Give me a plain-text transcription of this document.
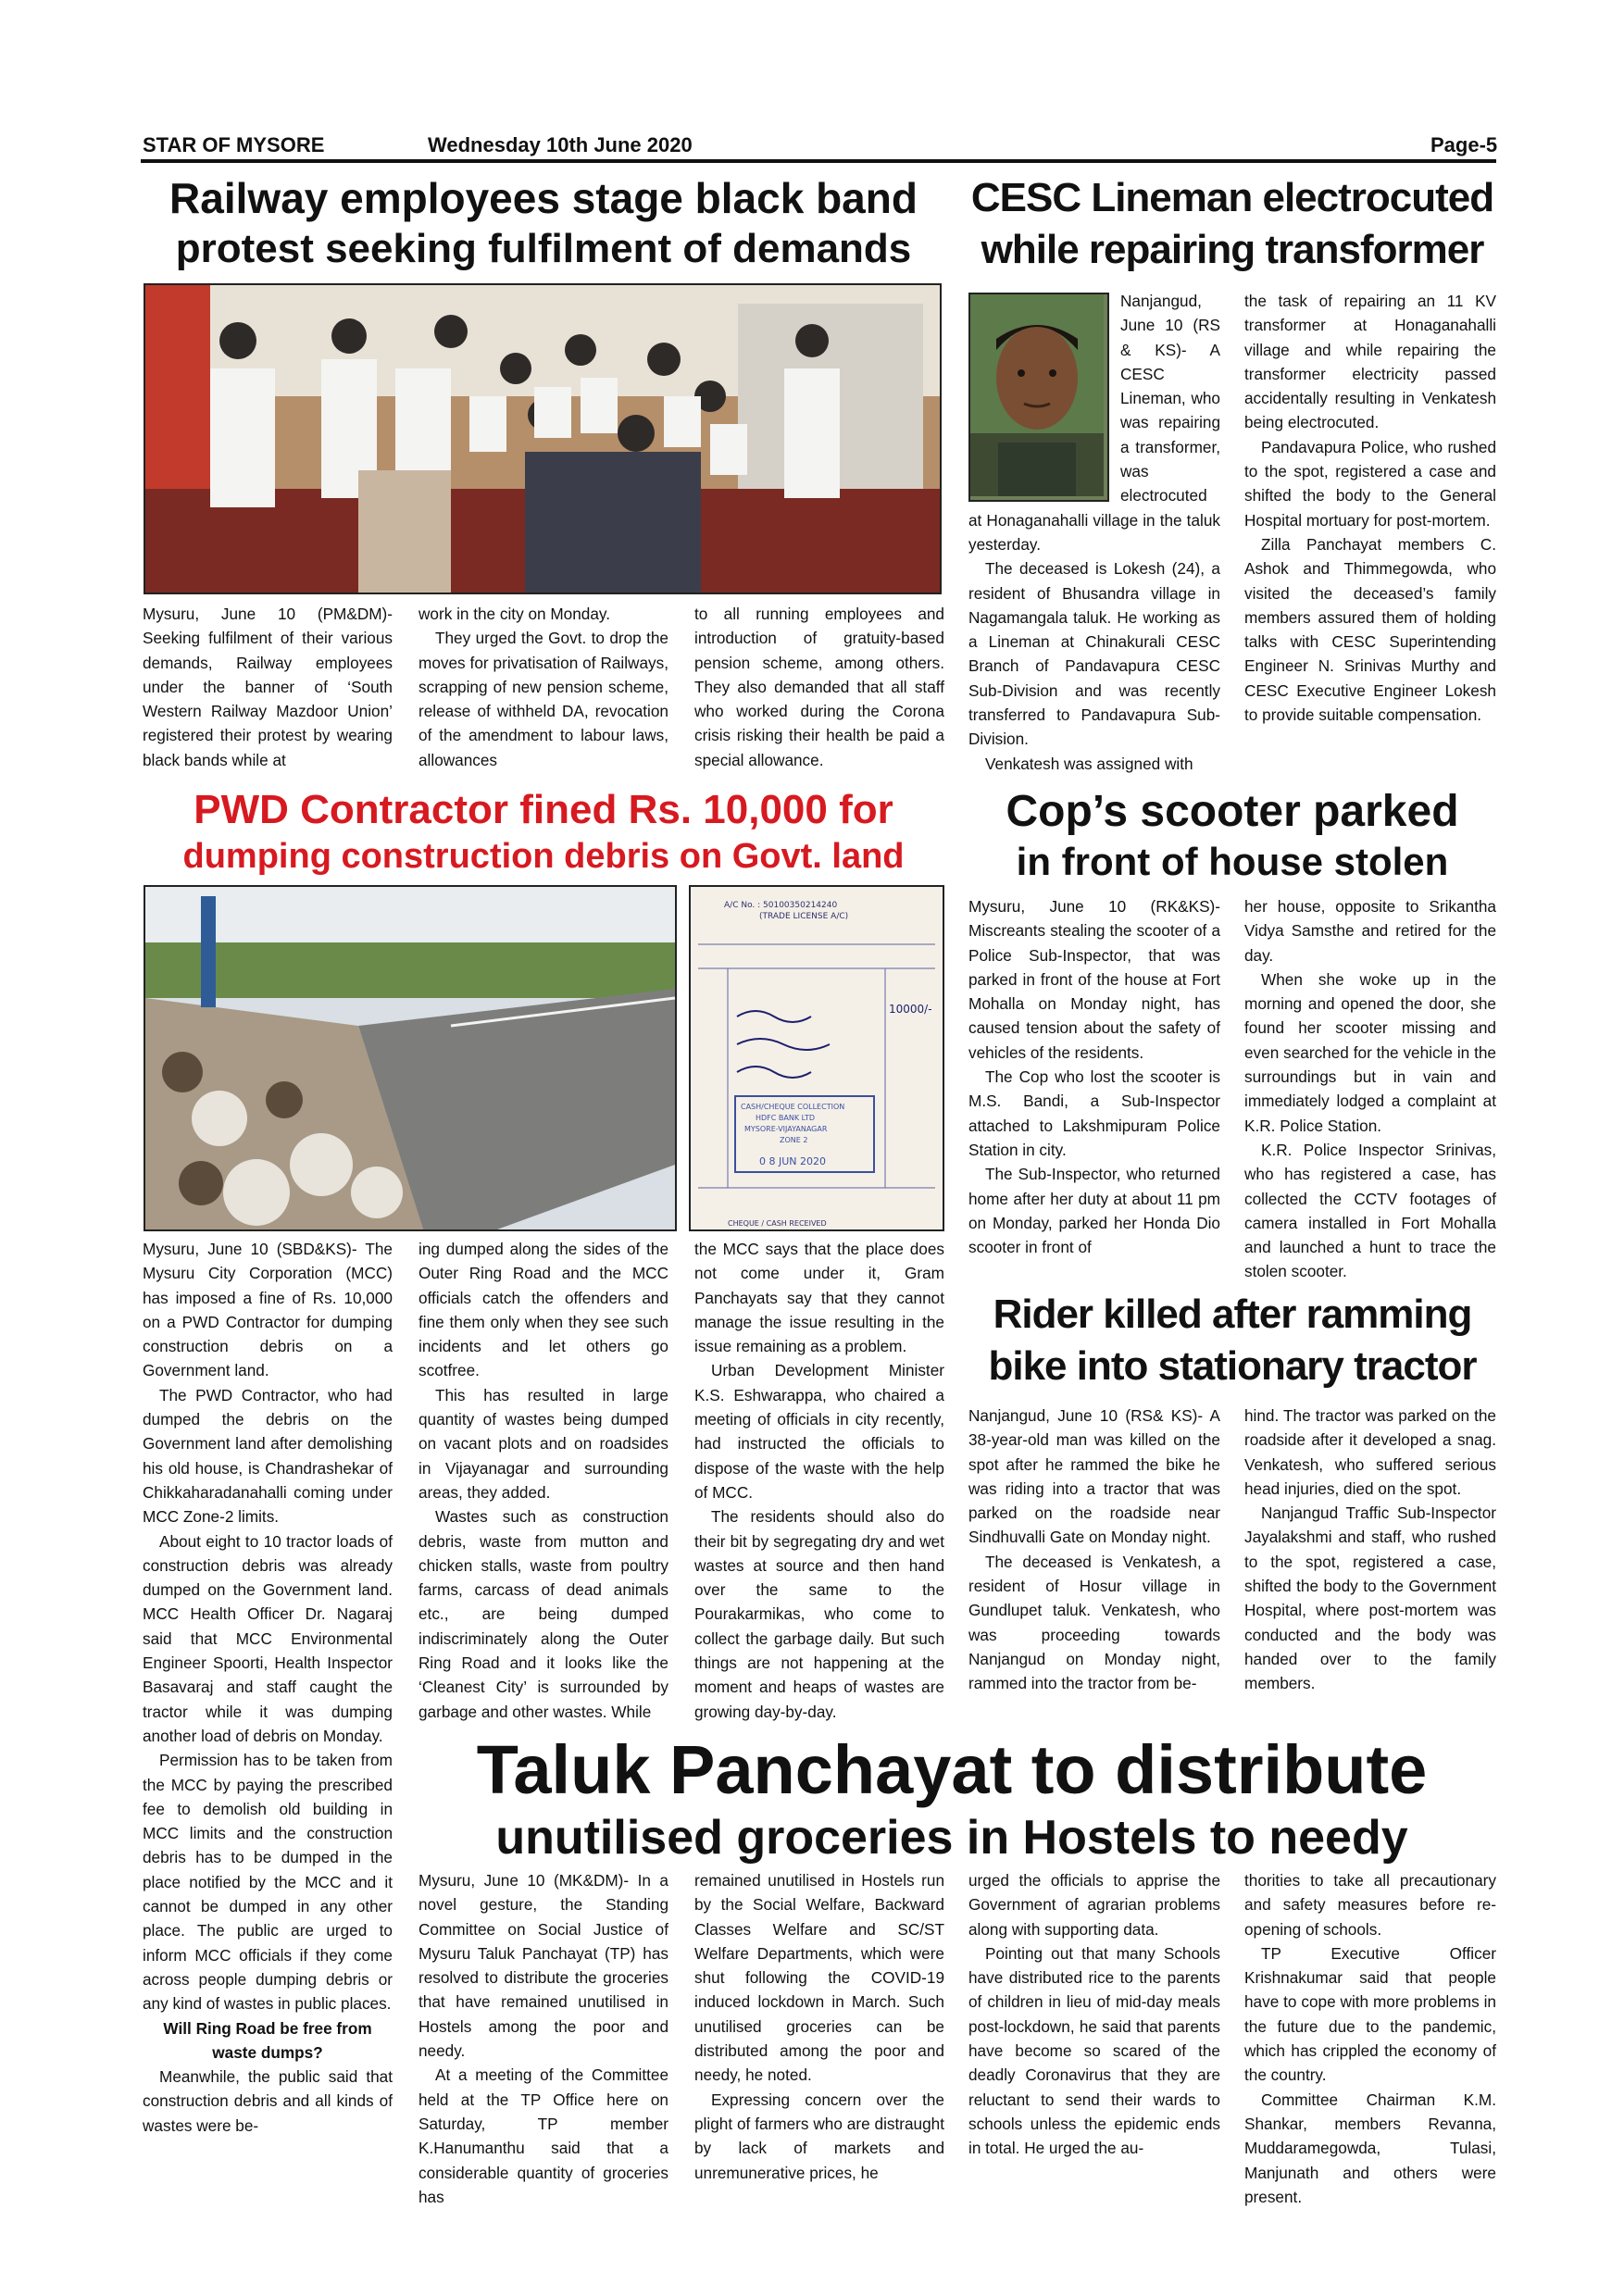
STAR OF MYSORE	Wednesday 10th June 2020	Page-5
Railway employees stage black band
protest seeking fulfilment of demands

Mysuru, June 10 (PM&DM)- Seeking fulfilment of their various demands, Railway employees under the banner of ‘South Western Railway Mazdoor Union’ registered their protest by wearing black bands while at

work in the city on Monday.

They urged the Govt. to drop the moves for privatisation of Railways, scrapping of new pension scheme, release of withheld DA, revocation of the amendment to labour laws, allowances

to all running employees and introduction of gratuity-based pension scheme, among others. They also demanded that all staff who worked during the Corona crisis risking their health be paid a special allowance.

CESC Lineman electrocuted
while repairing transformer

Nanjangud, June 10 (RS & KS)- A CESC Lineman, who was repairing a transformer, was electrocuted at Honaganahalli village in the taluk yesterday.

The deceased is Lokesh (24), a resident of Bhusandra village in Nagamangala taluk. He working as a Lineman at Chinakurali CESC Branch of Pandavapura CESC Sub-Division and was recently transferred to Pandavapura Sub-Division.

Venkatesh was assigned with

the task of repairing an 11 KV transformer at Honaganahalli village and while repairing the transformer electricity passed accidentally resulting in Venkatesh being electrocuted.

Pandavapura Police, who rushed to the spot, registered a case and shifted the body to the General Hospital mortuary for post-mortem.

Zilla Panchayat members C. Ashok and Thimmegowda, who visited the deceased’s family members assured them of holding talks with CESC Superintending Engineer N. Srinivas Murthy and CESC Executive Engineer Lokesh to provide suitable compensation.

PWD Contractor fined Rs. 10,000 for
dumping construction debris on Govt. land
A/C No. : 50100350214240
(TRADE LICENSE A/C)
CHEQUE / CASH RECEIVED
10000/-
CASH/CHEQUE COLLECTION
HDFC BANK LTD
MYSORE-VIJAYANAGAR
ZONE 2
0 8 JUN 2020

Mysuru, June 10 (SBD&KS)- The Mysuru City Corporation (MCC) has imposed a fine of Rs. 10,000 on a PWD Contractor for dumping construction debris on a Government land.

The PWD Contractor, who had dumped the debris on the Government land after demolishing his old house, is Chandrashekar of Chikkaharadanahalli coming under MCC Zone-2 limits.

About eight to 10 tractor loads of construction debris was already dumped on the Government land. MCC Health Officer Dr. Nagaraj said that MCC Environmental Engineer Spoorti, Health Inspector Basavaraj and staff caught the tractor while it was dumping another load of debris on Monday.

Permission has to be taken from the MCC by paying the prescribed fee to demolish old building in MCC limits and the construction debris has to be dumped in the place notified by the MCC and it cannot be dumped in any other place. The public are urged to inform MCC officials if they come across people dumping debris or any kind of wastes in public places.

Will Ring Road be free from waste dumps?

Meanwhile, the public said that construction debris and all kinds of wastes were be-

ing dumped along the sides of the Outer Ring Road and the MCC officials catch the offenders and fine them only when they see such incidents and let others go scotfree.

This has resulted in large quantity of wastes being dumped on vacant plots and on roadsides in Vijayanagar and surrounding areas, they added.

Wastes such as construction debris, waste from mutton and chicken stalls, waste from poultry farms, carcass of dead animals etc., are being dumped indiscriminately along the Outer Ring Road and it looks like the ‘Cleanest City’ is surrounded by garbage and other wastes. While

the MCC says that the place does not come under it, Gram Panchayats say that they cannot manage the issue resulting in the issue remaining as a problem.

Urban Development Minister K.S. Eshwarappa, who chaired a meeting of officials in city recently, had instructed the officials to dispose of the waste with the help of MCC.

The residents should also do their bit by segregating dry and wet wastes at source and then hand over the same to the Pourakarmikas, who come to collect the garbage daily. But such things are not happening at the moment and heaps of wastes are growing day-by-day.

Cop’s scooter parked
in front of house stolen

Mysuru, June 10 (RK&KS)- Miscreants stealing the scooter of a Police Sub-Inspector, that was parked in front of the house at Fort Mohalla on Monday night, has caused tension about the safety of vehicles of the residents.

The Cop who lost the scooter is M.S. Bandi, a Sub-Inspector attached to Lakshmipuram Police Station in city.

The Sub-Inspector, who returned home after her duty at about 11 pm on Monday, parked her Honda Dio scooter in front of

her house, opposite to Srikantha Vidya Samsthe and retired for the day.

When she woke up in the morning and opened the door, she found her scooter missing and even searched for the vehicle in the surroundings but in vain and immediately lodged a complaint at K.R. Police Station.

K.R. Police Inspector Srinivas, who has registered a case, has collected the CCTV footages of camera installed in Fort Mohalla and launched a hunt to trace the stolen scooter.

Rider killed after ramming
bike into stationary tractor

Nanjangud, June 10 (RS& KS)- A 38-year-old man was killed on the spot after he rammed the bike he was riding into a tractor that was parked on the roadside near Sindhuvalli Gate on Monday night.

The deceased is Venkatesh, a resident of Hosur village in Gundlupet taluk. Venkatesh, who was proceeding towards Nanjangud on Monday night, rammed into the tractor from be-

hind. The tractor was parked on the roadside after it developed a snag. Venkatesh, who suffered serious head injuries, died on the spot.

Nanjangud Traffic Sub-Inspector Jayalakshmi and staff, who rushed to the spot, registered a case, shifted the body to the Government Hospital, where post-mortem was conducted and the body was handed over to the family members.

Taluk Panchayat to distribute
unutilised groceries in Hostels to needy

Mysuru, June 10 (MK&DM)- In a novel gesture, the Standing Committee on Social Justice of Mysuru Taluk Panchayat (TP) has resolved to distribute the groceries that have remained unutilised in Hostels among the poor and needy.

At a meeting of the Committee held at the TP Office here on Saturday, TP member K.Hanumanthu said that a considerable quantity of groceries has

remained unutilised in Hostels run by the Social Welfare, Backward Classes Welfare and SC/ST Welfare Departments, which were shut following the COVID-19 induced lockdown in March. Such unutilised groceries can be distributed among the poor and needy, he noted.

Expressing concern over the plight of farmers who are distraught by lack of markets and unremunerative prices, he

urged the officials to apprise the Government of agrarian problems along with supporting data.

Pointing out that many Schools have distributed rice to the parents of children in lieu of mid-day meals post-lockdown, he said that parents have become so scared of the deadly Coronavirus that they are reluctant to send their wards to schools unless the epidemic ends in total. He urged the au-

thorities to take all precautionary and safety measures before re-opening of schools.

TP Executive Officer Krishnakumar said that people have to cope with more problems in the future due to the pandemic, which has crippled the economy of the country.

Committee Chairman K.M. Shankar, members Revanna, Muddaramegowda, Tulasi, Manjunath and others were present.
